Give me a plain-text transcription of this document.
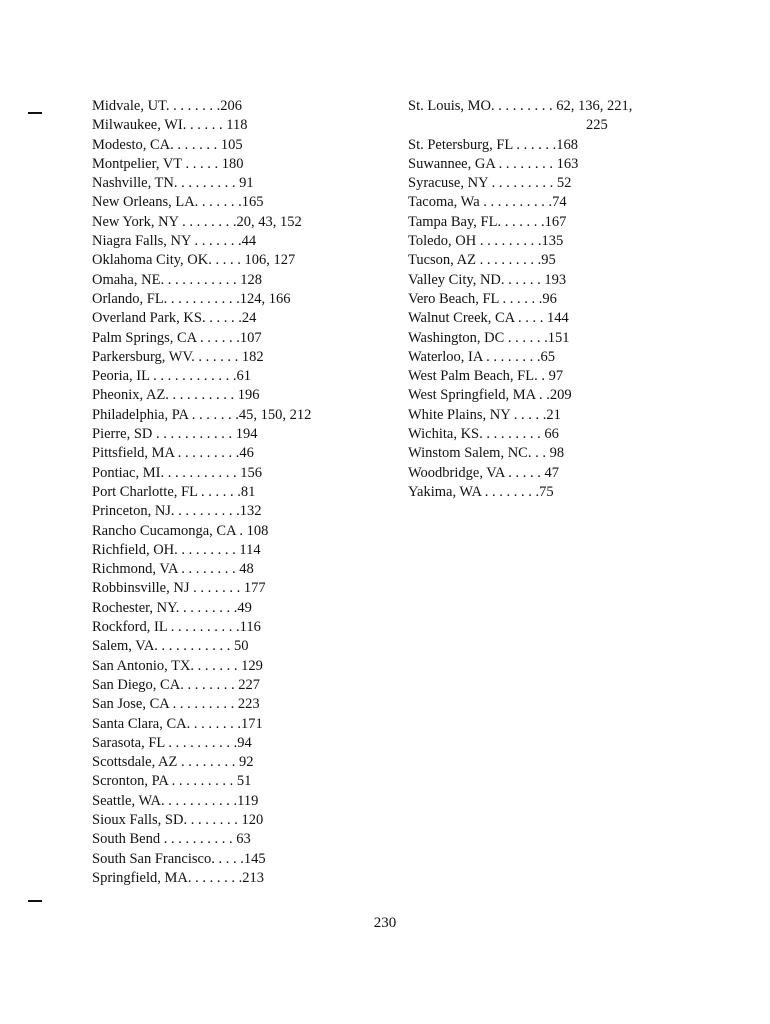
Midvale, UT. . . . . . . .206
Milwaukee, WI. . . . . . 118
Modesto, CA. . . . . . . 105
Montpelier, VT . . . . . 180
Nashville, TN. . . . . . . . . 91
New Orleans, LA. . . . . . .165
New York, NY . . . . . . . .20, 43, 152
Niagra Falls, NY . . . . . . .44
Oklahoma City, OK. . . . . 106, 127
Omaha, NE. . . . . . . . . . . 128
Orlando, FL. . . . . . . . . . .124, 166
Overland Park, KS. . . . . .24
Palm Springs, CA . . . . . .107
Parkersburg, WV. . . . . . . 182
Peoria, IL . . . . . . . . . . . .61
Pheonix, AZ. . . . . . . . . . 196
Philadelphia, PA . . . . . . .45, 150, 212
Pierre, SD . . . . . . . . . . . 194
Pittsfield, MA . . . . . . . . .46
Pontiac, MI. . . . . . . . . . . 156
Port Charlotte, FL . . . . . .81
Princeton, NJ. . . . . . . . . .132
Rancho Cucamonga, CA . 108
Richfield, OH. . . . . . . . . 114
Richmond, VA . . . . . . . . 48
Robbinsville, NJ . . . . . . . 177
Rochester, NY. . . . . . . . .49
Rockford, IL . . . . . . . . . .116
Salem, VA. . . . . . . . . . . 50
San Antonio, TX. . . . . . . 129
San Diego, CA. . . . . . . . 227
San Jose, CA . . . . . . . . . 223
Santa Clara, CA. . . . . . . .171
Sarasota, FL . . . . . . . . . .94
Scottsdale, AZ . . . . . . . . 92
Scronton, PA . . . . . . . . . 51
Seattle, WA. . . . . . . . . . .119
Sioux Falls, SD. . . . . . . . 120
South Bend . . . . . . . . . . 63
South San Francisco. . . . .145
Springfield, MA. . . . . . . .213
St. Louis, MO. . . . . . . . . 62, 136, 221,
225
St. Petersburg, FL . . . . . .168
Suwannee, GA . . . . . . . . 163
Syracuse, NY . . . . . . . . . 52
Tacoma, Wa . . . . . . . . . .74
Tampa Bay, FL. . . . . . .167
Toledo, OH . . . . . . . . .135
Tucson, AZ . . . . . . . . .95
Valley City, ND. . . . . . 193
Vero Beach, FL . . . . . .96
Walnut Creek, CA . . . . 144
Washington, DC . . . . . .151
Waterloo, IA . . . . . . . .65
West Palm Beach, FL. . 97
West Springfield, MA . .209
White Plains, NY . . . . .21
Wichita, KS. . . . . . . . . 66
Winstom Salem, NC. . . 98
Woodbridge, VA . . . . . 47
Yakima, WA . . . . . . . .75
230
